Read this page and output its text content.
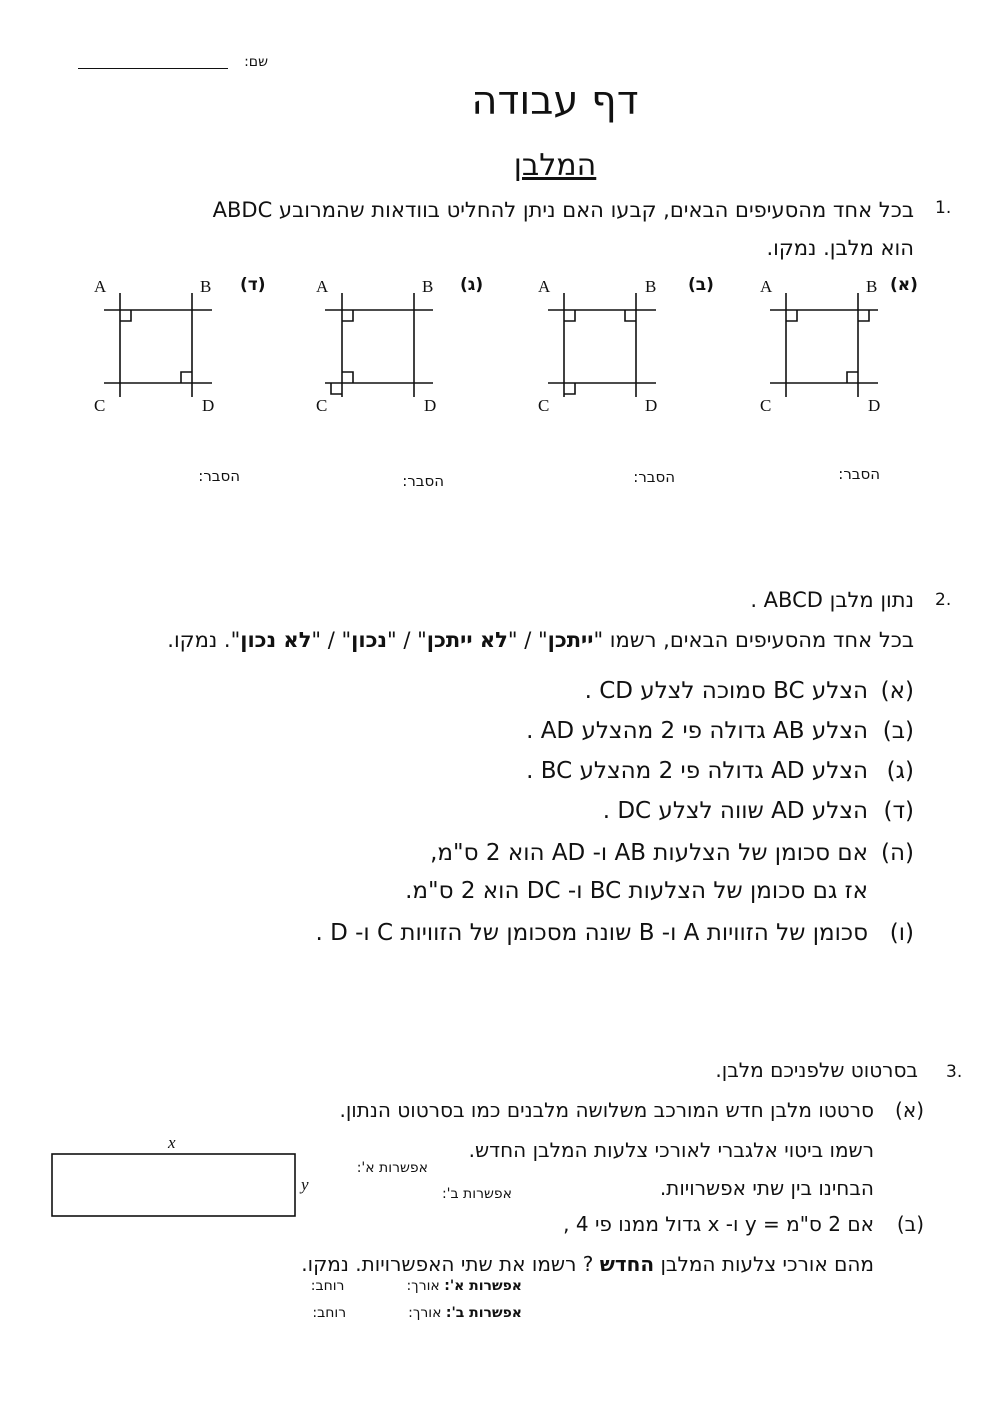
שם:
דף עבודה
המלבן
1.
בכל אחד מהסעיפים הבאים, קבעו האם ניתן להחליט בוודאות שהמרובע ABDC
הוא מלבן. נמקו.
(א)
A	B
C	D
(ב)
A	B
C	D
(ג)
A	B
C	D
(ד)
A	B
C	D
הסבר:
הסבר:
הסבר:
הסבר:
2.
נתון מלבן ABCD .
בכל אחד מהסעיפים הבאים, רשמו "ייתכן" / "לא ייתכן" / "נכון" / "לא נכון". נמקו.
(א)הצלע BC סמוכה לצלע CD .
(ב)הצלע AB גדולה פי 2 מהצלע AD .
(ג)הצלע AD גדולה פי 2 מהצלע BC .
(ד)הצלע AD שווה לצלע DC .
(ה)אם סכומן של הצלעות AB ו- AD הוא 2 ס"מ,
אז גם סכומן של הצלעות BC ו- DC הוא 2 ס"מ.
(ו)סכומן של הזוויות A ו- B שונה מסכומן של הזוויות C ו- D .
3.
בסרטוט שלפניכם מלבן.
(א)סרטטו מלבן חדש המורכב משלושה מלבנים כמו בסרטוט הנתון.
רשמו ביטוי אלגברי לאורכי צלעות המלבן החדש.
אפשרות א':
הבחינו בין שתי אפשרויות.
אפשרות ב':
(ב)אם 2 ס"מ = y ו- x גדול ממנו פי 4 ,
מהם אורכי צלעות המלבן החדש ? רשמו את שתי האפשרויות. נמקו.
אפשרות א': אורך:רוחב:
אפשרות ב': אורך:רוחב:
x
y
